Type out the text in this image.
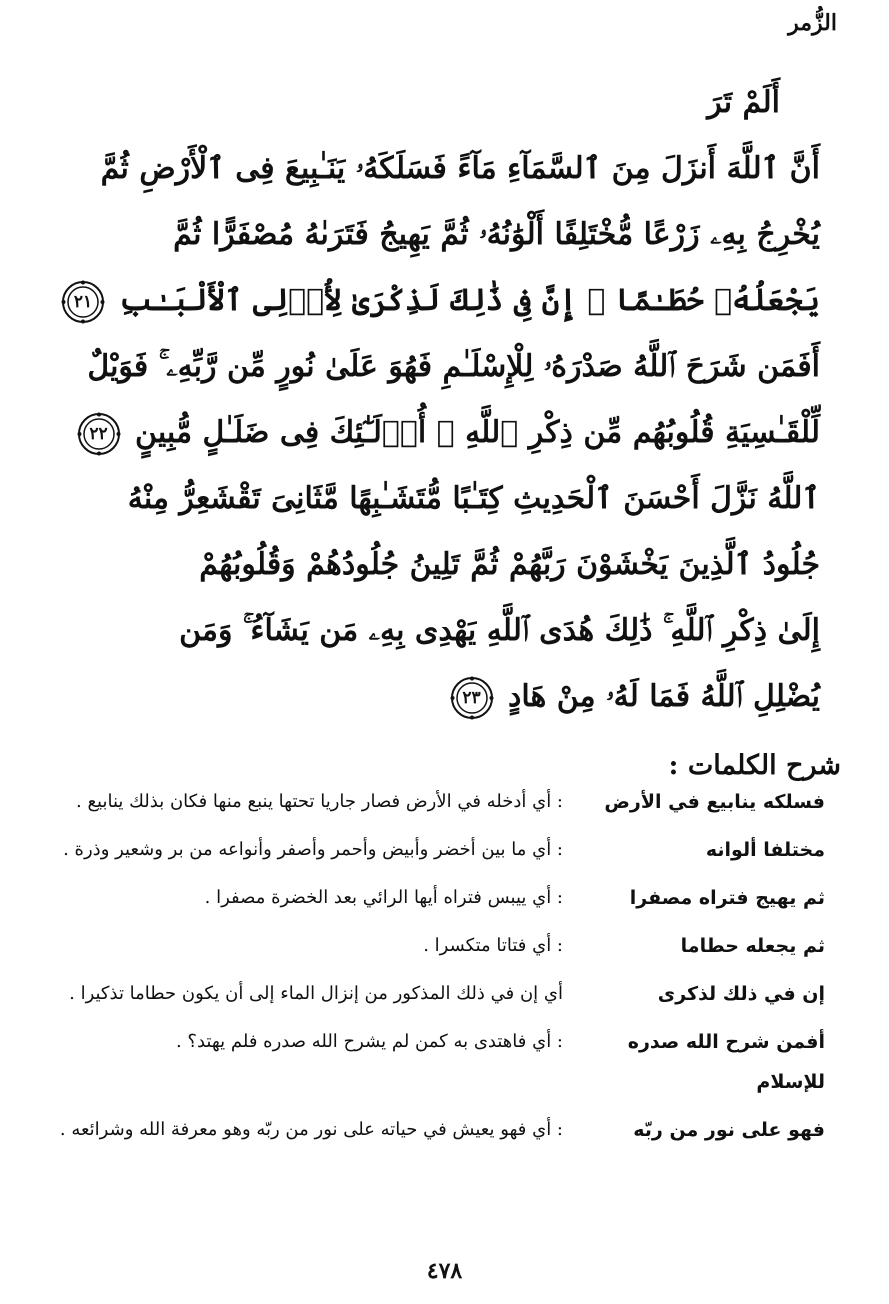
الزُّمر
أَلَمْ تَرَ
أَنَّ ٱللَّهَ أَنزَلَ مِنَ ٱلسَّمَآءِ مَآءً فَسَلَكَهُۥ يَنَـٰبِيعَ فِى ٱلْأَرْضِ ثُمَّ
يُخْرِجُ بِهِۦ زَرْعًا مُّخْتَلِفًا أَلْوَٰنُهُۥ ثُمَّ يَهِيجُ فَتَرَىٰهُ مُصْفَرًّا ثُمَّ
يَجْعَلُهُۥ حُطَـٰمًا ۚ إِنَّ فِى ذَٰلِكَ لَذِكْرَىٰ لِأُو۟لِى ٱلْأَلْبَـٰبِ
٢١
أَفَمَن شَرَحَ ٱللَّهُ صَدْرَهُۥ لِلْإِسْلَـٰمِ فَهُوَ عَلَىٰ نُورٍ مِّن رَّبِّهِۦ ۚ فَوَيْلٌ
لِّلْقَـٰسِيَةِ قُلُوبُهُم مِّن ذِكْرِ ٱللَّهِ ۚ أُو۟لَـٰٓئِكَ فِى ضَلَـٰلٍ مُّبِينٍ
٢٢
ٱللَّهُ نَزَّلَ أَحْسَنَ ٱلْحَدِيثِ كِتَـٰبًا مُّتَشَـٰبِهًا مَّثَانِىَ تَقْشَعِرُّ مِنْهُ
جُلُودُ ٱلَّذِينَ يَخْشَوْنَ رَبَّهُمْ ثُمَّ تَلِينُ جُلُودُهُمْ وَقُلُوبُهُمْ
إِلَىٰ ذِكْرِ ٱللَّهِ ۚ ذَٰلِكَ هُدَى ٱللَّهِ يَهْدِى بِهِۦ مَن يَشَآءُ ۚ وَمَن
يُضْلِلِ ٱللَّهُ فَمَا لَهُۥ مِنْ هَادٍ
٢٣
شرح الكلمات :
فسلكه ينابيع في الأرض
: أي أدخله في الأرض فصار جاريا تحتها ينبع منها فكان بذلك ينابيع .
مختلفا ألوانه
: أي ما بين أخضر وأبيض وأحمر وأصفر وأنواعه من بر وشعير وذرة .
ثم يهيج فتراه مصفرا
: أي ييبس فتراه أيها الرائي بعد الخضرة مصفرا .
ثم يجعله حطاما
: أي فتاتا متكسرا .
إن في ذلك لذكرى
أي إن في ذلك المذكور من إنزال الماء إلى أن يكون حطاما تذكيرا .
أفمن شرح الله صدره للإسلام
: أي فاهتدى به كمن لم يشرح الله صدره فلم يهتد؟ .
فهو على نور من ربّه
: أي فهو يعيش في حياته على نور من ربّه وهو معرفة الله وشرائعه .
٤٧٨
